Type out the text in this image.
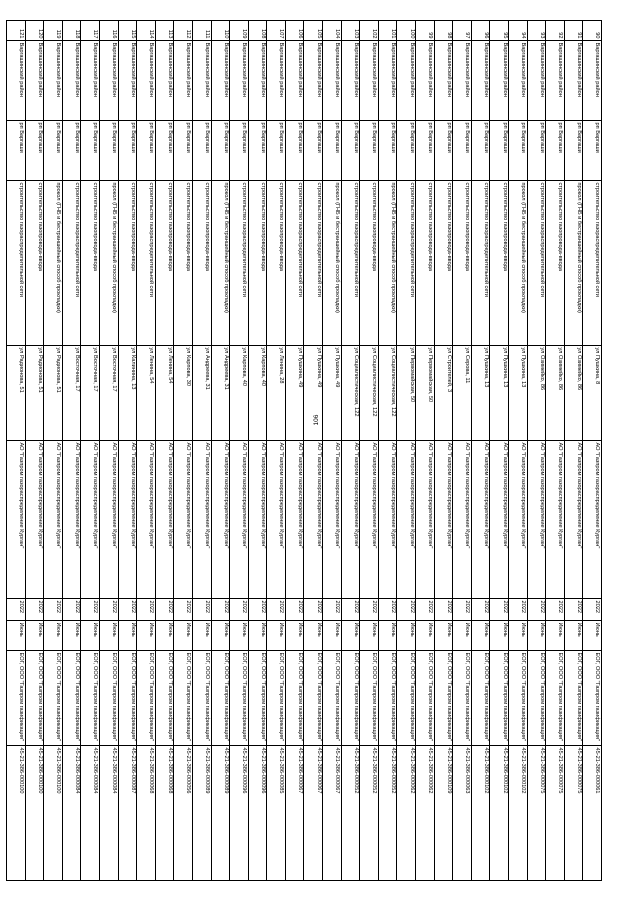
106
90	Варгашинский район	рп Варгаши	строительство газораспределительной сети	ул Пушкина, 8	АО "Газпром газораспределение Курган"	2022	Июнь	ЕОГ, ООО "Газпром газификация"	45-21-386-000061
91	Варгашинский район	рп Варгаши	прокол (ГНБ и бестраншейный способ прокладки)	ул Озимейко, 86	АО "Газпром газораспределение Курган"	2022	Июнь	ЕОГ, ООО "Газпром газификация"	45-21-386-000075
92	Варгашинский район	рп Варгаши	строительство газопровода-ввода	ул Озимейко, 86	АО "Газпром газораспределение Курган"	2022	Июнь	ЕОГ, ООО "Газпром газификация"	45-21-386-000075
93	Варгашинский район	рп Варгаши	строительство газораспределительной сети	ул Озимейко, 86	АО "Газпром газораспределение Курган"	2022	Июнь	ЕОГ, ООО "Газпром газификация"	45-21-386-000075
94	Варгашинский район	рп Варгаши	прокол (ГНБ и бестраншейный способ прокладки)	ул Пушкина, 13	АО "Газпром газораспределение Курган"	2022	Июнь	ЕОГ, ООО "Газпром газификация"	45-21-386-000102
95	Варгашинский район	рп Варгаши	строительство газопровода-ввода	ул Пушкина, 13	АО "Газпром газораспределение Курган"	2022	Июнь	ЕОГ, ООО "Газпром газификация"	45-21-386-000102
96	Варгашинский район	рп Варгаши	строительство газораспределительной сети	ул Пушкина, 13	АО "Газпром газораспределение Курган"	2022	Июнь	ЕОГ, ООО "Газпром газификация"	45-21-386-000102
97	Варгашинский район	рп Варгаши	строительство газопровода-ввода	ул Серова, 11	АО "Газпром газораспределение Курган"	2022	Июнь	ЕОГ, ООО "Газпром газификация"	45-21-386-000063
98	Варгашинский район	рп Варгаши	строительство газопровода-ввода	ул Строителей, 3	АО "Газпром газораспределение Курган"	2022	Июнь	ЕОГ, ООО "Газпром газификация"	45-21-386-000109
99	Варгашинский район	рп Варгаши	строительство газопровода-ввода	ул Первомайская, 50	АО "Газпром газораспределение Курган"	2022	Июнь	ЕОГ, ООО "Газпром газификация"	45-21-386-000062
100	Варгашинский район	рп Варгаши	строительство газораспределительной сети	ул Первомайская, 50	АО "Газпром газораспределение Курган"	2022	Июнь	ЕОГ, ООО "Газпром газификация"	45-21-386-000062
101	Варгашинский район	рп Варгаши	прокол (ГНБ и бестраншейный способ прокладки)	ул Социалистическая, 122	АО "Газпром газораспределение Курган"	2022	Июнь	ЕОГ, ООО "Газпром газификация"	45-21-386-000052
102	Варгашинский район	рп Варгаши	строительство газопровода-ввода	ул Социалистическая, 122	АО "Газпром газораспределение Курган"	2022	Июнь	ЕОГ, ООО "Газпром газификация"	45-21-386-000052
103	Варгашинский район	рп Варгаши	строительство газораспределительной сети	ул Социалистическая, 122	АО "Газпром газораспределение Курган"	2022	Июнь	ЕОГ, ООО "Газпром газификация"	45-21-386-000052
104	Варгашинский район	рп Варгаши	прокол (ГНБ и бестраншейный способ прокладки)	ул Пушкина, 49	АО "Газпром газораспределение Курган"	2022	Июнь	ЕОГ, ООО "Газпром газификация"	45-21-386-000067
105	Варгашинский район	рп Варгаши	строительство газораспределительной сети	ул Пушкина, 49	АО "Газпром газораспределение Курган"	2022	Июнь	ЕОГ, ООО "Газпром газификация"	45-21-386-000067
106	Варгашинский район	рп Варгаши	строительство газораспределительной сети	ул Пушкина, 49	АО "Газпром газораспределение Курган"	2022	Июнь	ЕОГ, ООО "Газпром газификация"	45-21-386-000067
107	Варгашинский район	рп Варгаши	строительство газопровода-ввода	ул Ленина, 28	АО "Газпром газораспределение Курган"	2022	Июнь	ЕОГ, ООО "Газпром газификация"	45-21-386-000085
108	Варгашинский район	рп Варгаши	строительство газопровода-ввода	ул Карпова, 40	АО "Газпром газораспределение Курган"	2022	Июнь	ЕОГ, ООО "Газпром газификация"	45-21-386-000096
109	Варгашинский район	рп Варгаши	строительство газораспределительной сети	ул Карпова, 40	АО "Газпром газораспределение Курган"	2022	Июнь	ЕОГ, ООО "Газпром газификация"	45-21-386-000096
110	Варгашинский район	рп Варгаши	прокол (ГНБ и бестраншейный способ прокладки)	ул Андреева, 31	АО "Газпром газораспределение Курган"	2022	Июнь	ЕОГ, ООО "Газпром газификация"	45-21-386-000089
111	Варгашинский район	рп Варгаши	строительство газопровода-ввода	ул Андреева, 31	АО "Газпром газораспределение Курган"	2022	Июнь	ЕОГ, ООО "Газпром газификация"	45-21-386-000089
112	Варгашинский район	рп Варгаши	строительство газопровода-ввода	ул Карпова, 30	АО "Газпром газораспределение Курган"	2022	Июнь	ЕОГ, ООО "Газпром газификация"	45-21-386-000056
113	Варгашинский район	рп Варгаши	строительство газопровода-ввода	ул Ленина, 54	АО "Газпром газораспределение Курган"	2022	Июнь	ЕОГ, ООО "Газпром газификация"	45-21-386-000068
114	Варгашинский район	рп Варгаши	строительство газораспределительной сети	ул Ленина, 54	АО "Газпром газораспределение Курган"	2022	Июнь	ЕОГ, ООО "Газпром газификация"	45-21-386-000068
115	Варгашинский район	рп Варгаши	строительство газопровода-ввода	ул Калинина, 13	АО "Газпром газораспределение Курган"	2022	Июнь	ЕОГ, ООО "Газпром газификация"	45-21-386-000087
116	Варгашинский район	рп Варгаши	прокол (ГНБ и бестраншейный способ прокладки)	ул Восточная, 17	АО "Газпром газораспределение Курган"	2022	Июнь	ЕОГ, ООО "Газпром газификация"	45-21-386-000084
117	Варгашинский район	рп Варгаши	строительство газопровода-ввода	ул Восточная, 17	АО "Газпром газораспределение Курган"	2022	Июнь	ЕОГ, ООО "Газпром газификация"	45-21-386-000084
118	Варгашинский район	рп Варгаши	строительство газораспределительной сети	ул Восточная, 17	АО "Газпром газораспределение Курган"	2022	Июнь	ЕОГ, ООО "Газпром газификация"	45-21-386-000084
119	Варгашинский район	рп Варгаши	прокол (ГНБ и бестраншейный способ прокладки)	ул Радионова, 51	АО "Газпром газораспределение Курган"	2022	Июнь	ЕОГ, ООО "Газпром газификация"	45-21-386-000100
120	Варгашинский район	рп Варгаши	строительство газопровода-ввода	ул Радионова, 51	АО "Газпром газораспределение Курган"	2022	Июнь	ЕОГ, ООО "Газпром газификация"	45-21-386-000100
121	Варгашинский район	рп Варгаши	строительство газораспределительной сети	ул Радионова, 51	АО "Газпром газораспределение Курган"	2022	Июнь	ЕОГ, ООО "Газпром газификация"	45-21-386-000100
